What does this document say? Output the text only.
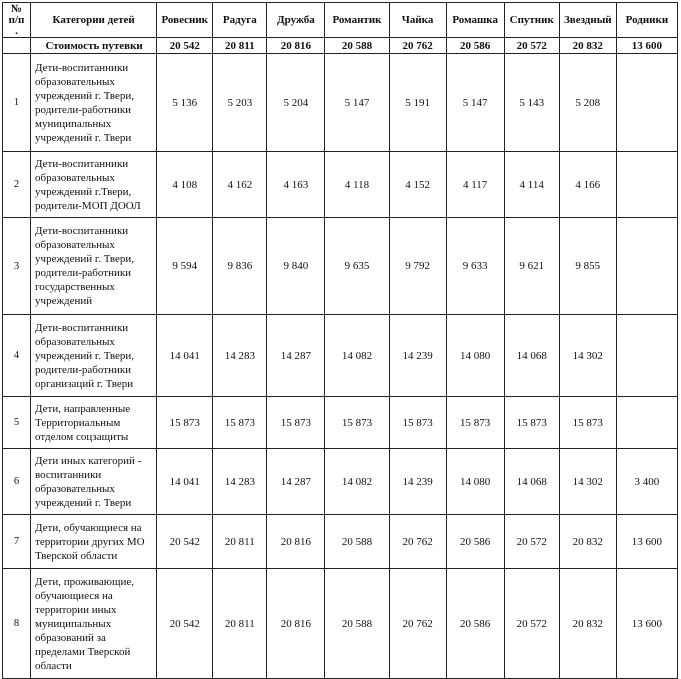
№ п/п .	Категории детей	Ровесник	Радуга	Дружба	Романтик	Чайка	Ромашка	Спутник	Звездный	Родники
	Стоимость путевки	20 542	20 811	20 816	20 588	20 762	20 586	20 572	20 832	13 600
1	Дети-воспитанники образовательных учреждений г. Твери, родители-работники муниципальных учреждений г. Твери	5 136	5 203	5 204	5 147	5 191	5 147	5 143	5 208	
2	Дети-воспитанники образовательных учреждений г.Твери, родители-МОП ДООЛ	4 108	4 162	4 163	4 118	4 152	4 117	4 114	4 166	
3	Дети-воспитанники образовательных учреждений г. Твери, родители-работники государственных учреждений	9 594	9 836	9 840	9 635	9 792	9 633	9 621	9 855	
4	Дети-воспитанники образовательных учреждений г. Твери, родители-работники организаций г. Твери	14 041	14 283	14 287	14 082	14 239	14 080	14 068	14 302	
5	Дети, направленные Территориальным отделом соцзащиты	15 873	15 873	15 873	15 873	15 873	15 873	15 873	15 873	
6	Дети иных категорий - воспитанники образовательных учреждений г. Твери	14 041	14 283	14 287	14 082	14 239	14 080	14 068	14 302	3 400
7	Дети, обучающиеся на территории других МО Тверской области	20 542	20 811	20 816	20 588	20 762	20 586	20 572	20 832	13 600
8	Дети, проживающие, обучающиеся на территории иных муниципальных образований за пределами Тверской области	20 542	20 811	20 816	20 588	20 762	20 586	20 572	20 832	13 600
